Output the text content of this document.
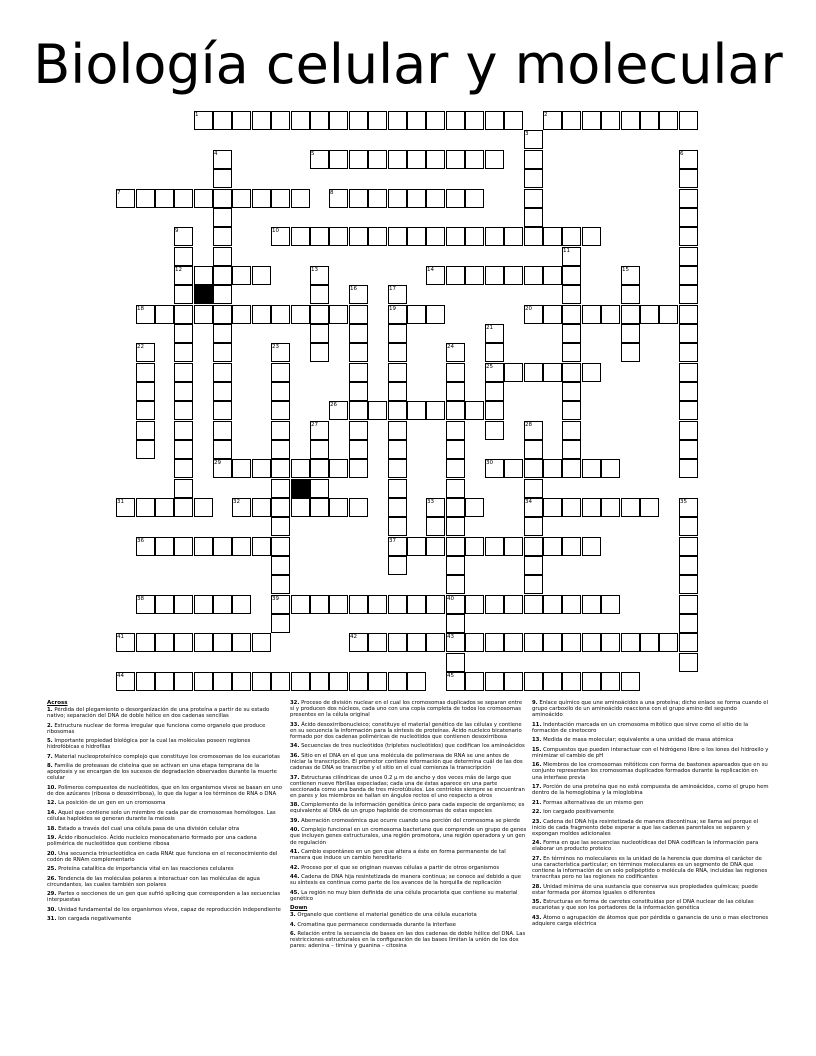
Biología celular y molecular
1	2
3
4	5	6
7	8
9	10
11
12	13	14	15
16	17
18	19	20
21
22	23	24
25
26
27	28
29	30
31	32	33	34	35
36	37
38	39	40
41	42	43
44	45
Across
1. Pérdida del plegamiento o desorganización de una proteína a partir de su estado nativo; separación del DNA de doble hélice en dos cadenas sencillas
2. Estructura nuclear de forma irregular que funciona como organelo que produce ribosomas
5. Importante propiedad biológica por la cual las moléculas poseen regiones hidrofóbicas e hidrofílas
7. Material nucleoproteínico complejo que constituye los cromosomas de los eucariotas
8. Familia de proteasas de cisteína que se activan en una etapa temprana de la apoptosis y se encargan de los sucesos de degradación observados durante la muerte celular
10. Polímeros compuestos de nucleótidos, que en los organismos vivos se basan en uno de dos azúcares (ribosa o desoxirribosa), lo que da lugar a los términos de RNA o DNA
12. La posición de un gen en un cromosoma
14. Aquel que contiene solo un miembro de cada par de cromosomas homólogos. Las células haploides se generan durante la meiosis
18. Estado a través del cual una célula pasa de una división celular otra
19. Ácido ribonucleico. Ácido nucleico monocatenario formado por una cadena polimérica de nucleótidos que contiene ribosa
20. Una secuencia trinucleotídica en cada RNAt que funciona en el reconocimiento del codón de RNAm complementario
25. Proteína catalítica de importancia vital en las reacciones celulares
26. Tendencia de las moléculas polares a interactuar con las moléculas de agua circundantes, las cuales también son polares
29. Partes o secciones de un gen que sufrió splicing que corresponden a las secuencias interpuestas
30. Unidad fundamental de los organismos vivos, capaz de reproducción independiente
31. Ion cargada negativamente
32. Proceso de división nuclear en el cual los cromosomas duplicados se separan entre sí y producen dos núcleos, cada uno con una copia completa de todos los cromosomas presentes en la célula original
33. Ácido desoxirribonucleico; constituye el material genético de las células y contiene en su secuencia la información para la síntesis de proteínas. Ácido nucleico bicatenario formado por dos cadenas poliméricas de nucleótidos que contienen desoxirribosa
34. Secuencias de tres nucleótidos (tripletes nucleótidos) que codifican los aminoácidos
36. Sitio en el DNA en el que una molécula de polimerasa de RNA se une antes de iniciar la transcripción. El promotor contiene información que determina cuál de las dos cadenas de DNA se transcribe y el sitio en el cual comienza la transcripción
37. Estructuras cilíndricas de unos 0.2 µ m de ancho y dos veces más de largo que contienen nueve fibrillas especiadas; cada una de éstas aparece en una parte seccionada como una banda de tres microtúbulos. Los centríolos siempre se encuentran en pares y los miembros se hallan en ángulos rectos el uno respecto a otros
38. Complemento de la información genética único para cada especie de organismo; es equivalente al DNA de un grupo haploide de cromosomas de estas especies
39. Aberración cromosómica que ocurre cuando una porción del cromosoma se pierde
40. Complejo funcional en un cromosoma bacteriano que comprende un grupo de genes que incluyen genes estructurales, una región promotora, una región operadora y un gen de regulación
41. Cambio espontáneo en un gen que altera a éste en forma permanente de tal manera que induce un cambio hereditario
42. Proceso por el que se originan nuevas células a partir de otros organismos
44. Cadena de DNA hija resintetizada de manera continua; se conoce así debido a que su síntesis es continua como parte de los avances de la horquilla de replicación
45. La región no muy bien definida de una célula procariota que contiene su material genético
Down
3. Organelo que contiene el material genético de una célula eucariota
4. Cromatina que permanece condensada durante la interfase
6. Relación entre la secuencia de bases en las dos cadenas de doble hélice del DNA. Las restricciones estructurales en la configuración de las bases limitan la unión de los dos pares: adenina – timina y guanina – citosina
9. Enlace químico que une aminoácidos a una proteína; dicho enlace se forma cuando el grupo carboxilo de un aminoácido reacciona con el grupo amino del segundo aminoácido
11. Indentación marcada en un cromosoma mitótico que sirve como el sitio de la formación de cinetocoro
13. Medida de masa molecular; equivalente a una unidad de masa atómica
15. Compuestos que pueden interactuar con el hidrógeno libre o los iones del hidroxilo y minimizar el cambio de pH
16. Miembros de los cromosomas mitóticos con forma de bastones apareados que en su conjunto representan los cromosomas duplicados formados durante la replicación en una interfase previa
17. Porción de una proteína que no está compuesta de aminoácidos, como el grupo hem dentro de la hemoglobina y la mioglobina
21. Formas alternativas de un mismo gen
22. Ion cargado positivamente
23. Cadena del DNA hija resintetizada de manera discontinua; se llama así porque el inicio de cada fragmento debe esperar a que las cadenas parentales se separen y expongan moldes adicionales
24. Forma en que las secuencias nucleotídicas del DNA codifican la información para elaborar un producto proteico
27. En términos no moleculares es la unidad de la herencia que domina el carácter de una característica particular; en términos moleculares es un segmento de DNA que contiene la información de un solo polipéptido o molécula de RNA, incluidas las regiones transcritas pero no las regiones no codificantes
28. Unidad mínima de una sustancia que conserva sus propiedades químicas; puede estar formada por átomos iguales o diferentes
35. Estructuras en forma de carretes constituidas por el DNA nuclear de las células eucariotas y que son los portadores de la información genética
43. Átomo o agrupación de átomos que por pérdida o ganancia de uno o mas electrones adquiere carga eléctrica
